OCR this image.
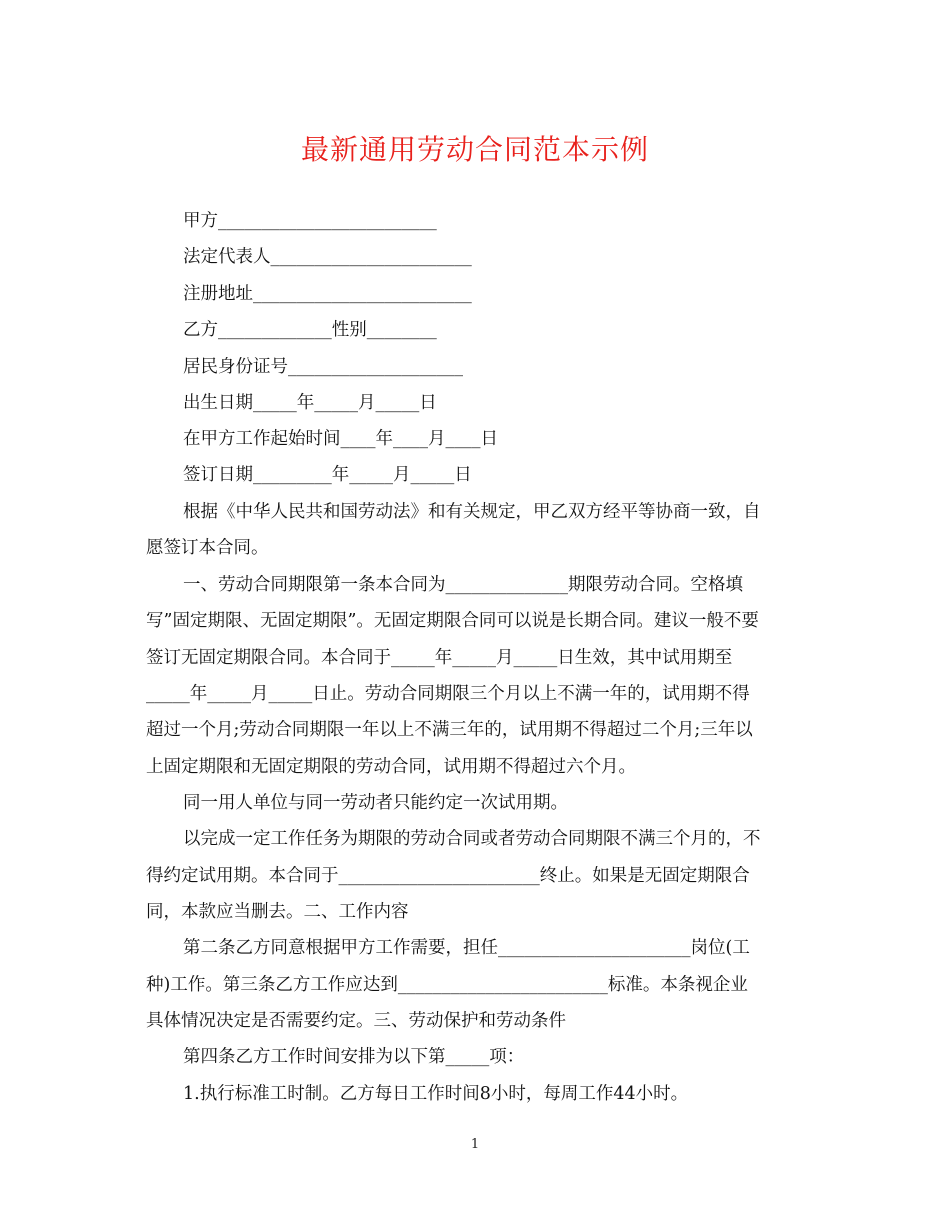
最新通用劳动合同范本示例
甲方_________________________
法定代表人_______________________
注册地址_________________________
乙方_____________性别________
居民身份证号____________________
出生日期_____年_____月_____日
在甲方工作起始时间____年____月____日
签订日期_________年_____月_____日
根据《中华人民共和国劳动法》和有关规定，甲乙双方经平等协商一致，自
愿签订本合同。
一、劳动合同期限第一条本合同为______________期限劳动合同。空格填
写”固定期限、无固定期限”。无固定期限合同可以说是长期合同。建议一般不要
签订无固定期限合同。本合同于_____年_____月_____日生效，其中试用期至
_____年_____月_____日止。劳动合同期限三个月以上不满一年的，试用期不得
超过一个月;劳动合同期限一年以上不满三年的，试用期不得超过二个月;三年以
上固定期限和无固定期限的劳动合同，试用期不得超过六个月。
同一用人单位与同一劳动者只能约定一次试用期。
以完成一定工作任务为期限的劳动合同或者劳动合同期限不满三个月的，不
得约定试用期。本合同于_______________________终止。如果是无固定期限合
同，本款应当删去。二、工作内容
第二条乙方同意根据甲方工作需要，担任______________________岗位(工
种)工作。第三条乙方工作应达到________________________标准。本条视企业
具体情况决定是否需要约定。三、劳动保护和劳动条件
第四条乙方工作时间安排为以下第_____项：
1.执行标准工时制。乙方每日工作时间8小时，每周工作44小时。
1
